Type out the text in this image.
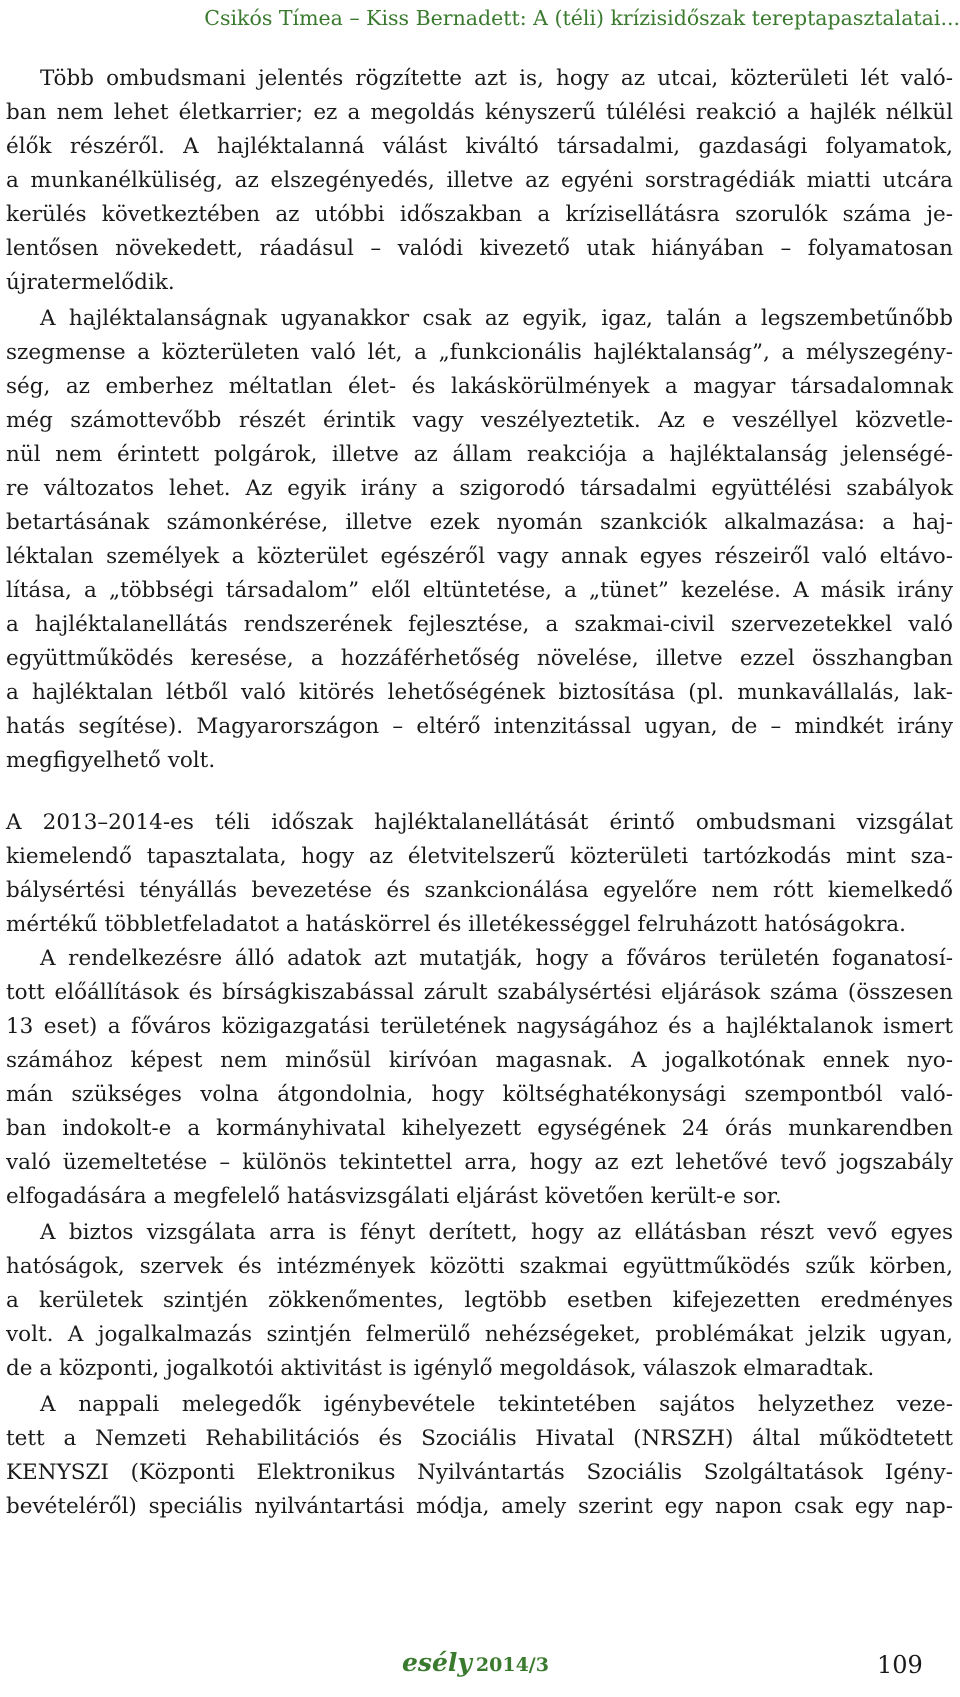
Csikós Tímea – Kiss Bernadett: A (téli) krízisidőszak tereptapasztalatai...
Több ombudsmani jelentés rögzítette azt is, hogy az utcai, közterületi lét való-
ban nem lehet életkarrier; ez a megoldás kényszerű túlélési reakció a hajlék nélkül
élők részéről. A hajléktalanná válást kiváltó társadalmi, gazdasági folyamatok,
a munkanélküliség, az elszegényedés, illetve az egyéni sorstragédiák miatti utcára
kerülés következtében az utóbbi időszakban a krízisellátásra szorulók száma je-
lentősen növekedett, ráadásul – valódi kivezető utak hiányában – folyamatosan
újratermelődik.
A hajléktalanságnak ugyanakkor csak az egyik, igaz, talán a legszembetűnőbb
szegmense a közterületen való lét, a „funkcionális hajléktalanság”, a mélyszegény-
ség, az emberhez méltatlan élet- és lakáskörülmények a magyar társadalomnak
még számottevőbb részét érintik vagy veszélyeztetik. Az e veszéllyel közvetle-
nül nem érintett polgárok, illetve az állam reakciója a hajléktalanság jelenségé-
re változatos lehet. Az egyik irány a szigorodó társadalmi együttélési szabályok
betartásának számonkérése, illetve ezek nyomán szankciók alkalmazása: a haj-
léktalan személyek a közterület egészéről vagy annak egyes részeiről való eltávo-
lítása, a „többségi társadalom” elől eltüntetése, a „tünet” kezelése. A másik irány
a hajléktalanellátás rendszerének fejlesztése, a szakmai-civil szervezetekkel való
együttműködés keresése, a hozzáférhetőség növelése, illetve ezzel összhangban
a hajléktalan létből való kitörés lehetőségének biztosítása (pl. munkavállalás, lak-
hatás segítése). Magyarországon – eltérő intenzitással ugyan, de – mindkét irány
megfigyelhető volt.
A 2013–2014-es téli időszak hajléktalanellátását érintő ombudsmani vizsgálat
kiemelendő tapasztalata, hogy az életvitelszerű közterületi tartózkodás mint sza-
bálysértési tényállás bevezetése és szankcionálása egyelőre nem rótt kiemelkedő
mértékű többletfeladatot a hatáskörrel és illetékességgel felruházott hatóságokra.
A rendelkezésre álló adatok azt mutatják, hogy a főváros területén foganatosí-
tott előállítások és bírságkiszabással zárult szabálysértési eljárások száma (összesen
13 eset) a főváros közigazgatási területének nagyságához és a hajléktalanok ismert
számához képest nem minősül kirívóan magasnak. A jogalkotónak ennek nyo-
mán szükséges volna átgondolnia, hogy költséghatékonysági szempontból való-
ban indokolt-e a kormányhivatal kihelyezett egységének 24 órás munkarendben
való üzemeltetése – különös tekintettel arra, hogy az ezt lehetővé tevő jogszabály
elfogadására a megfelelő hatásvizsgálati eljárást követően került-e sor.
A biztos vizsgálata arra is fényt derített, hogy az ellátásban részt vevő egyes
hatóságok, szervek és intézmények közötti szakmai együttműködés szűk körben,
a kerületek szintjén zökkenőmentes, legtöbb esetben kifejezetten eredményes
volt. A jogalkalmazás szintjén felmerülő nehézségeket, problémákat jelzik ugyan,
de a központi, jogalkotói aktivitást is igénylő megoldások, válaszok elmaradtak.
A nappali melegedők igénybevétele tekintetében sajátos helyzethez veze-
tett a Nemzeti Rehabilitációs és Szociális Hivatal (NRSZH) által működtetett
KENYSZI (Központi Elektronikus Nyilvántartás Szociális Szolgáltatások Igény-
bevételéről) speciális nyilvántartási módja, amely szerint egy napon csak egy nap-
esély 2014/3	109
